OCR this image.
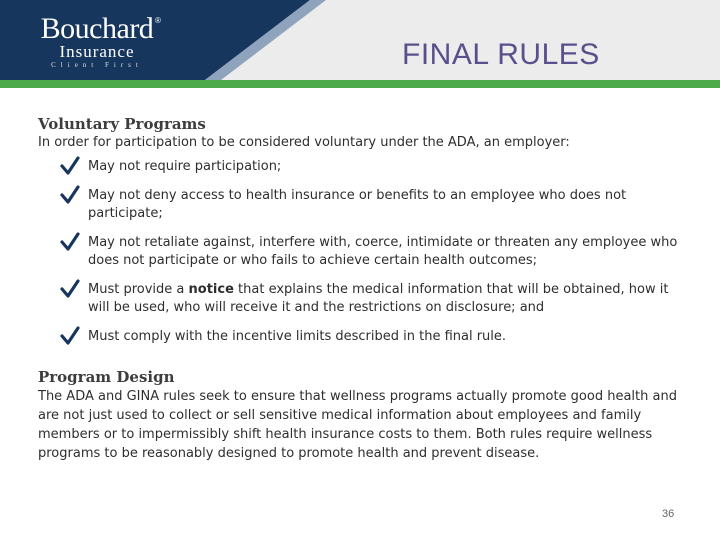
Bouchard
Insurance
Client First
®
FINAL RULES
Voluntary Programs

In order for participation to be considered voluntary under the ADA, an employer:

May not require participation;
May not deny access to health insurance or benefits to an employee who does not participate;
May not retaliate against, interfere with, coerce, intimidate or threaten any employee who does not participate or who fails to achieve certain health outcomes;
Must provide a notice that explains the medical information that will be obtained, how it will be used, who will receive it and the restrictions on disclosure; and
Must comply with the incentive limits described in the final rule.
Program Design

The ADA and GINA rules seek to ensure that wellness programs actually promote good health and are not just used to collect or sell sensitive medical information about employees and family members or to impermissibly shift health insurance costs to them. Both rules require wellness programs to be reasonably designed to promote health and prevent disease.

36
